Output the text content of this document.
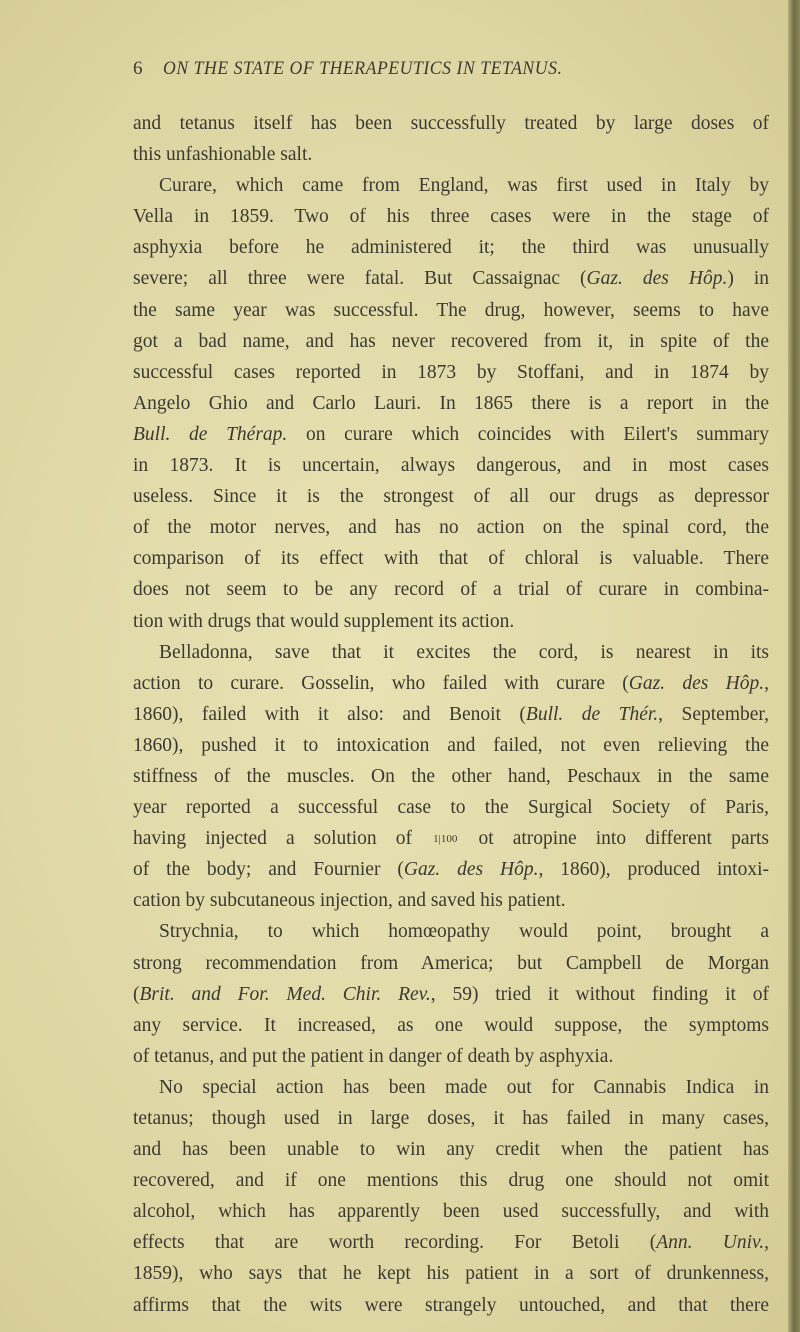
6 ON THE STATE OF THERAPEUTICS IN TETANUS.
and tetanus itself has been successfully treated by large doses of
this unfashionable salt.
Curare, which came from England, was first used in Italy by
Vella in 1859. Two of his three cases were in the stage of
asphyxia before he administered it; the third was unusually
severe; all three were fatal. But Cassaignac (Gaz. des Hôp.) in
the same year was successful. The drug, however, seems to have
got a bad name, and has never recovered from it, in spite of the
successful cases reported in 1873 by Stoffani, and in 1874 by
Angelo Ghio and Carlo Lauri. In 1865 there is a report in the
Bull. de Thérap. on curare which coincides with Eilert's summary
in 1873. It is uncertain, always dangerous, and in most cases
useless. Since it is the strongest of all our drugs as depressor
of the motor nerves, and has no action on the spinal cord, the
comparison of its effect with that of chloral is valuable. There
does not seem to be any record of a trial of curare in combina-
tion with drugs that would supplement its action.
Belladonna, save that it excites the cord, is nearest in its
action to curare. Gosselin, who failed with curare (Gaz. des Hôp.,
1860), failed with it also: and Benoit (Bull. de Thér., September,
1860), pushed it to intoxication and failed, not even relieving the
stiffness of the muscles. On the other hand, Peschaux in the same
year reported a successful case to the Surgical Society of Paris,
having injected a solution of 1|100 ot atropine into different parts
of the body; and Fournier (Gaz. des Hôp., 1860), produced intoxi-
cation by subcutaneous injection, and saved his patient.
Strychnia, to which homœopathy would point, brought a
strong recommendation from America; but Campbell de Morgan
(Brit. and For. Med. Chir. Rev., 59) tried it without finding it of
any service. It increased, as one would suppose, the symptoms
of tetanus, and put the patient in danger of death by asphyxia.
No special action has been made out for Cannabis Indica in
tetanus; though used in large doses, it has failed in many cases,
and has been unable to win any credit when the patient has
recovered, and if one mentions this drug one should not omit
alcohol, which has apparently been used successfully, and with
effects that are worth recording. For Betoli (Ann. Univ.,
1859), who says that he kept his patient in a sort of drunkenness,
affirms that the wits were strangely untouched, and that there
